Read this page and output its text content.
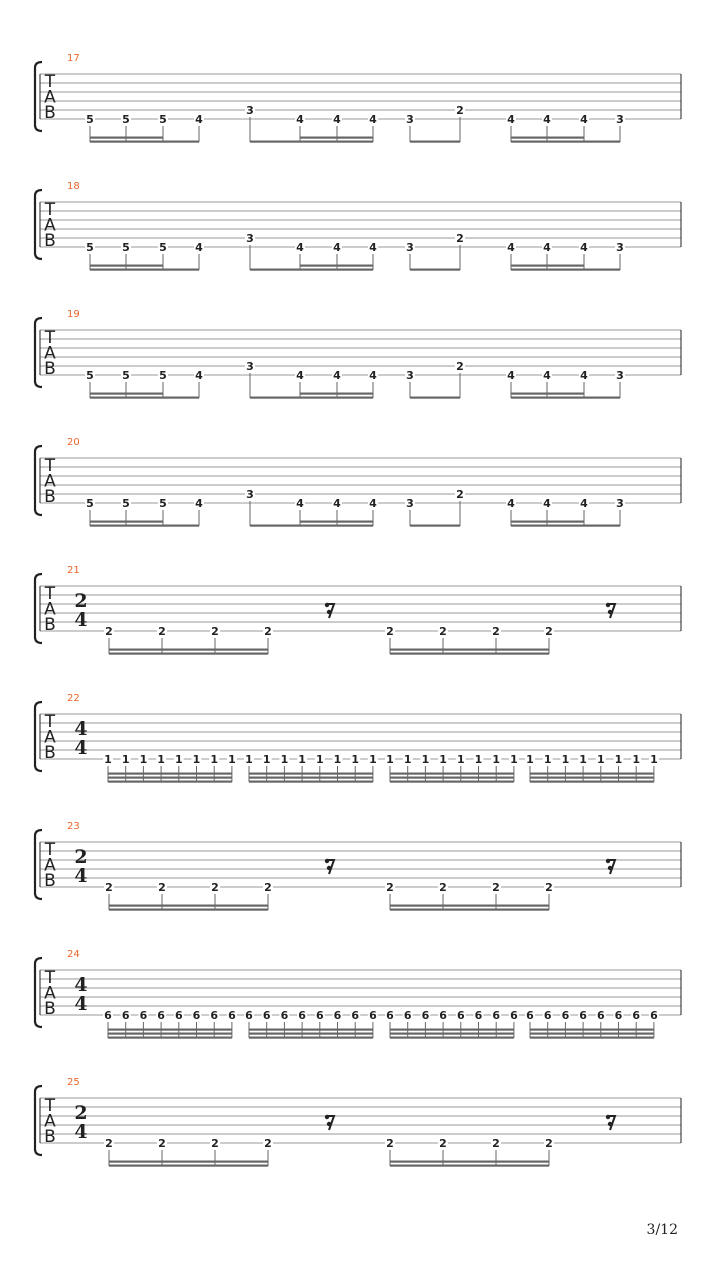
T
A
B
17
5	5	5	4
3
4	4	4	3
2
4	4	4	3
T
A
B
18
5	5	5	4
3
4	4	4	3
2
4	4	4	3
T
A
B
19
5	5	5	4
3
4	4	4	3
2
4	4	4	3
T
A
B
20
5	5	5	4
3
4	4	4	3
2
4	4	4	3
T
A
B
21
2
4
2	2	2	2	2	2	2	2
T
A
B
22
4
4
1 1 1 1 1 1 1 1 1 1 1 1 1 1 1 1 1 1 1 1 1 1 1 1 1 1 1 1 1 1 1 1
T
A
B
23
2
4
2	2	2	2	2	2	2	2
T
A
B
24
4
4
6 6 6 6 6 6 6 6 6 6 6 6 6 6 6 6 6 6 6 6 6 6 6 6 6 6 6 6 6 6 6 6
T
A
B
25
2
4
2	2	2	2	2	2	2	2
3/12
